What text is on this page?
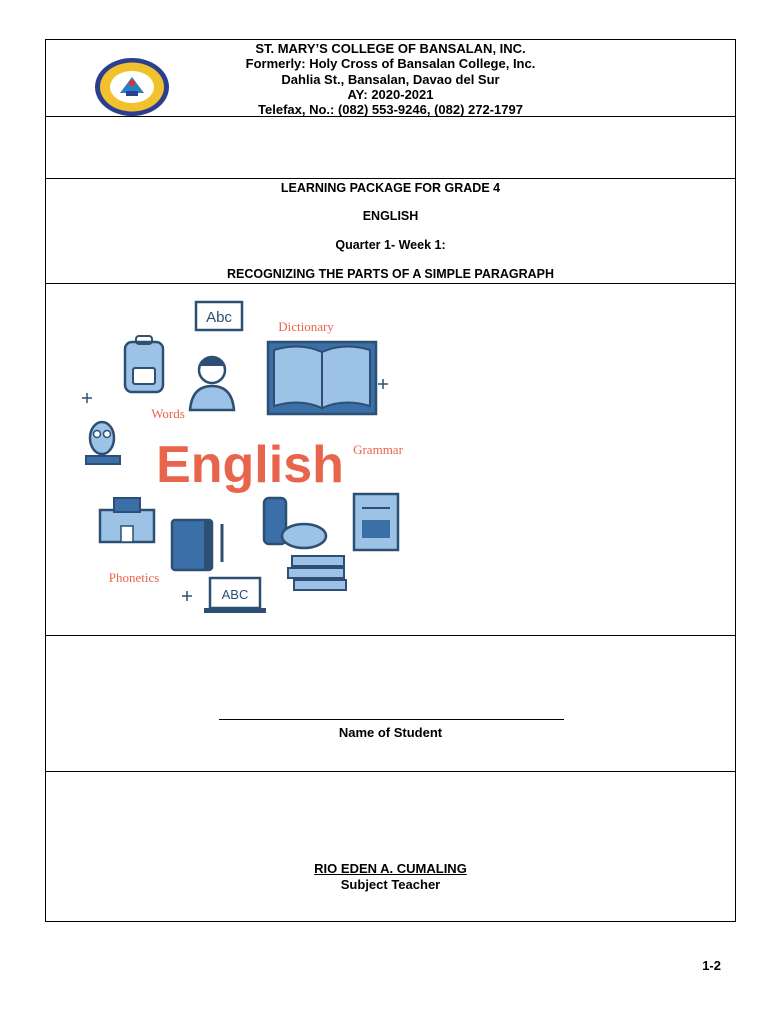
ST. MARY’S COLLEGE OF BANSALAN, INC.
Formerly: Holy Cross of Bansalan College, Inc.
Dahlia St., Bansalan, Davao del Sur
AY: 2020-2021
Telefax, No.: (082) 553-9246, (082) 272-1797
LEARNING PACKAGE FOR GRADE 4
ENGLISH
Quarter 1- Week 1:
RECOGNIZING THE PARTS OF A SIMPLE PARAGRAPH
Abc
Dictionary
Words
Grammar
English
Phonetics
ABC
Name of Student
RIO EDEN A. CUMALING
Subject Teacher
1-2
